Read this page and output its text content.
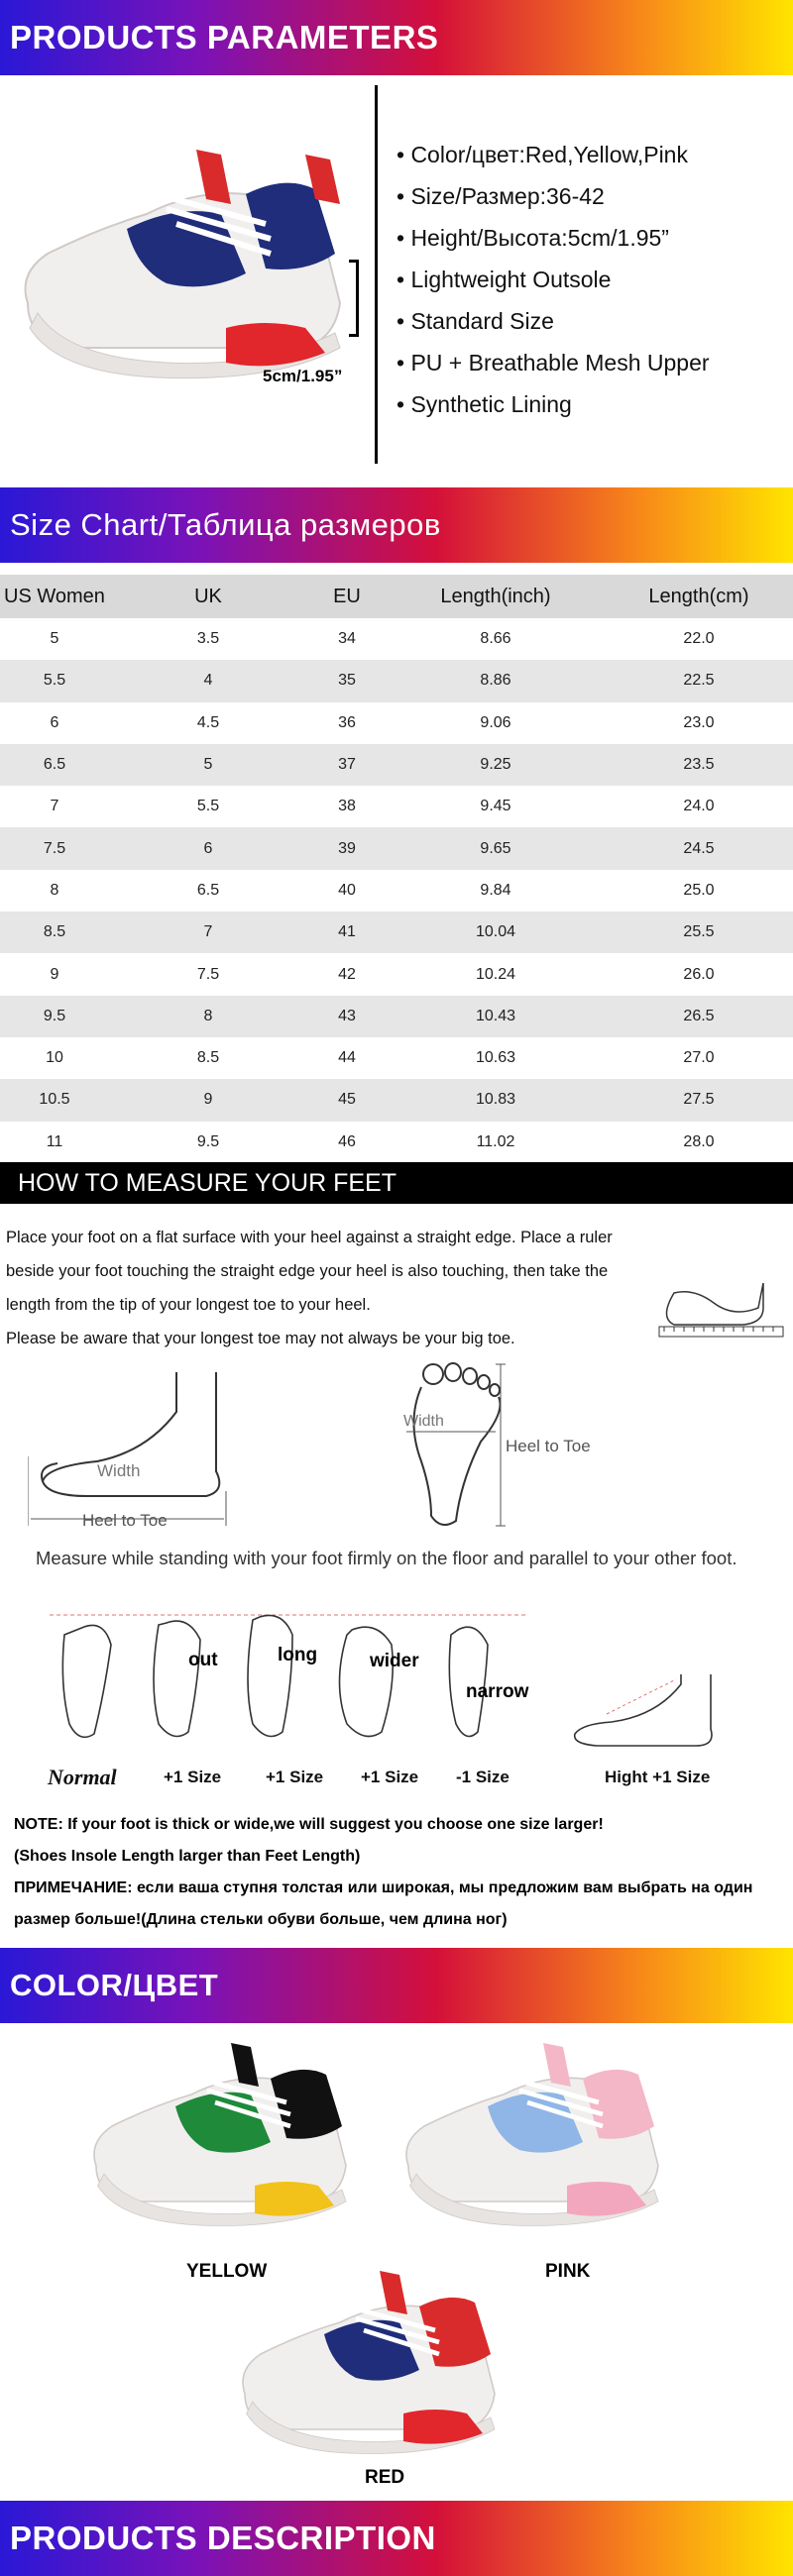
PRODUCTS PARAMETERS
5cm/1.95”
• Color/цвет:Red,Yellow,Pink
• Size/Размер:36-42
• Height/Высота:5cm/1.95”
• Lightweight Outsole
• Standard Size
• PU + Breathable Mesh Upper
• Synthetic Lining
Size Chart/Таблица размеров
US Women	UK	EU	Length(inch)	Length(cm)
5	3.5	34	8.66	22.0
5.5	4	35	8.86	22.5
6	4.5	36	9.06	23.0
6.5	5	37	9.25	23.5
7	5.5	38	9.45	24.0
7.5	6	39	9.65	24.5
8	6.5	40	9.84	25.0
8.5	7	41	10.04	25.5
9	7.5	42	10.24	26.0
9.5	8	43	10.43	26.5
10	8.5	44	10.63	27.0
10.5	9	45	10.83	27.5
11	9.5	46	11.02	28.0
HOW TO MEASURE YOUR FEET

Place your foot on a flat surface with your heel against a straight edge. Place a ruler beside your foot touching the straight edge your heel is also touching, then take the length from the tip of your longest toe to your heel.

Please be aware that your longest toe may not always be your big toe.

Heel to Toe
Width
Width
Heel to Toe
Measure while standing with your foot firmly on the floor and parallel to your other foot.
out	long	wider
narrow
Normal	+1 Size	+1 Size +1 Size -1 Size	Hight +1 Size
NOTE: If your foot is thick or wide,we will suggest you choose one size larger!
(Shoes Insole Length larger than Feet Length)
ПРИМЕЧАНИЕ: если ваша ступня толстая или широкая, мы предложим вам выбрать на один размер больше!(Длина стельки обуви больше, чем длина ног)
COLOR/ЦВЕТ
YELLOW	PINK
RED
PRODUCTS DESCRIPTION
